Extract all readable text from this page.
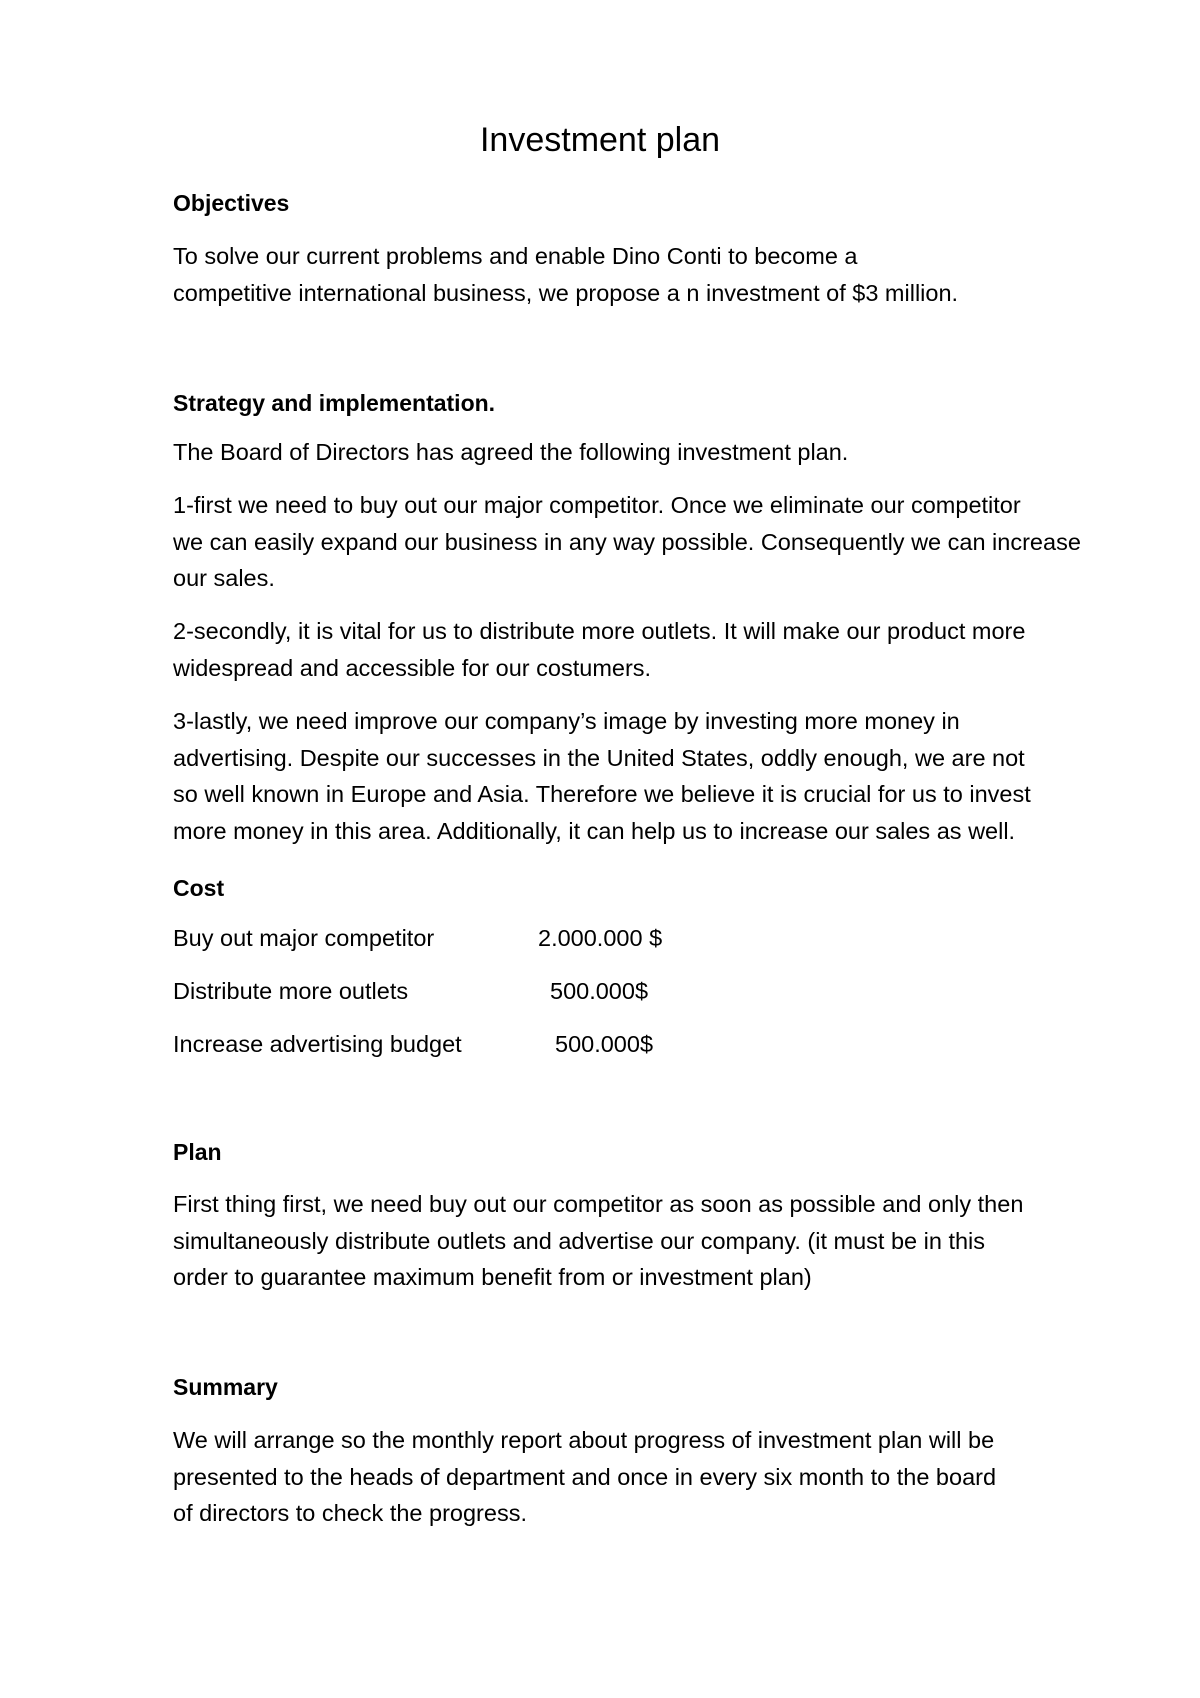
Investment plan
Objectives
To solve our current problems and enable Dino Conti to become a
competitive international business, we propose a n investment of $3 million.
Strategy and implementation.
The Board of Directors has agreed the following investment plan.
1-first we need to buy out our major competitor. Once we eliminate our competitor
we can easily expand our business in any way possible. Consequently we can increase
our sales.
2-secondly, it is vital for us to distribute more outlets. It will make our product more
widespread and accessible for our costumers.
3-lastly, we need improve our company’s image by investing more money in
advertising. Despite our successes in the United States, oddly enough, we are not
so well known in Europe and Asia. Therefore we believe it is crucial for us to invest
more money in this area. Additionally, it can help us to increase our sales as well.
Cost
Buy out major competitor	2.000.000 $
Distribute more outlets	500.000$
Increase advertising budget	500.000$
Plan
First thing first, we need buy out our competitor as soon as possible and only then
simultaneously distribute outlets and advertise our company. (it must be in this
order to guarantee maximum benefit from or investment plan)
Summary
We will arrange so the monthly report about progress of investment plan will be
presented to the heads of department and once in every six month to the board
of directors to check the progress.
